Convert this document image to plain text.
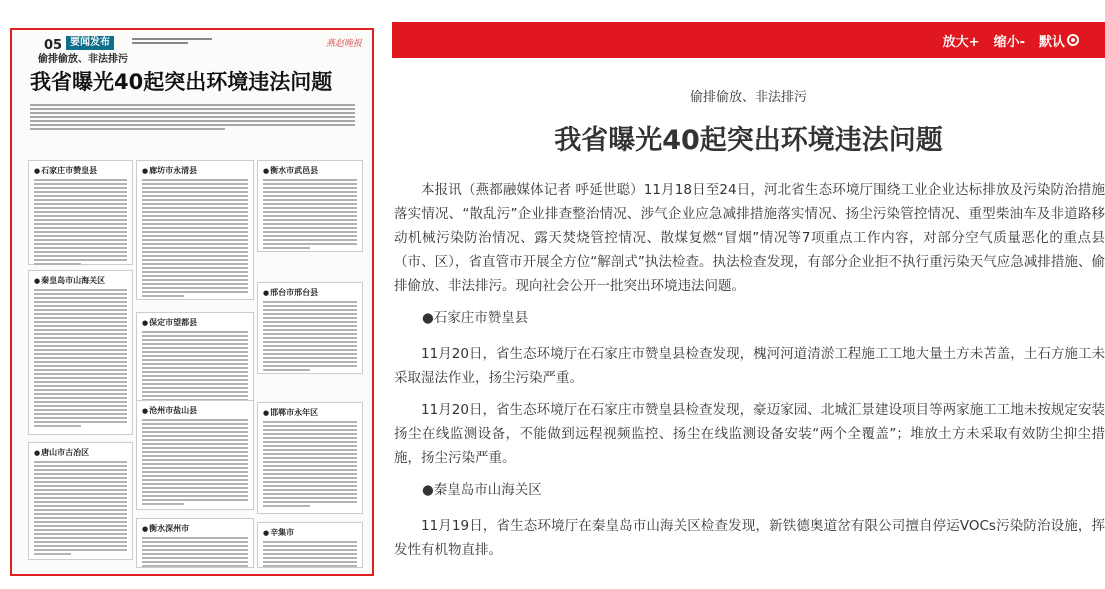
05 要闻发布	燕赵晚报
偷排偷放、非法排污
我省曝光40起突出环境违法问题
● 石家庄市赞皇县	● 廊坊市永清县	● 衡水市武邑县
● 秦皇岛市山海关区
● 保定市望都县
● 邢台市邢台县
● 唐山市古冶区
● 沧州市盐山县	● 邯郸市永年区
● 衡水深州市	● 辛集市
放大+ 缩小- 默认
偷排偷放、非法排污
我省曝光40起突出环境违法问题

本报讯（燕都融媒体记者 呼延世聪）11月18日至24日，河北省生态环境厅围绕工业企业达标排放及污染防治措施落实情况、“散乱污”企业排查整治情况、涉气企业应急减排措施落实情况、扬尘污染管控情况、重型柴油车及非道路移动机械污染防治情况、露天焚烧管控情况、散煤复燃“冒烟”情况等7项重点工作内容，对部分空气质量恶化的重点县（市、区），省直管市开展全方位“解剖式”执法检查。执法检查发现，有部分企业拒不执行重污染天气应急减排措施、偷排偷放、非法排污。现向社会公开一批突出环境违法问题。

●石家庄市赞皇县

11月20日，省生态环境厅在石家庄市赞皇县检查发现，槐河河道清淤工程施工工地大量土方未苫盖，土石方施工未采取湿法作业，扬尘污染严重。

11月20日，省生态环境厅在石家庄市赞皇县检查发现，豪迈家园、北城汇景建设项目等两家施工工地未按规定安装扬尘在线监测设备，不能做到远程视频监控、扬尘在线监测设备安装“两个全覆盖”；堆放土方未采取有效防尘抑尘措施，扬尘污染严重。

●秦皇岛市山海关区

11月19日，省生态环境厅在秦皇岛市山海关区检查发现，新铁德奥道岔有限公司擅自停运VOCs污染防治设施，挥发性有机物直排。
